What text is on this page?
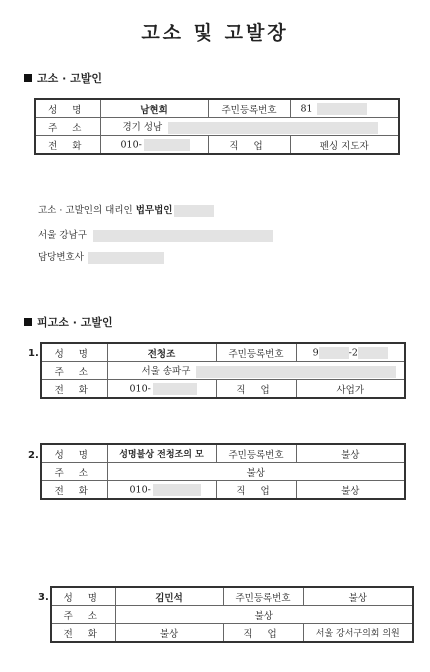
고소 및 고발장
고소 · 고발인
성 명	남현희	주민등록번호	81
주 소	경기 성남		
전 화	010-	직 업	펜싱 지도자
고소 · 고발인의 대리인 법무법인
서울 강남구
담당변호사
피고소 · 고발인
1. 성 명	전청조	주민등록번호	9 -2
주 소	서울 송파구		
전 화	010-	직 업	사업가
2. 성 명	성명불상 전청조의 모	주민등록번호	불상
주 소	불상		
전 화	010-	직 업	불상
3. 성 명	김민석	주민등록번호	불상
주 소	불상		
전 화	불상	직 업	서울 강서구의회 의원
